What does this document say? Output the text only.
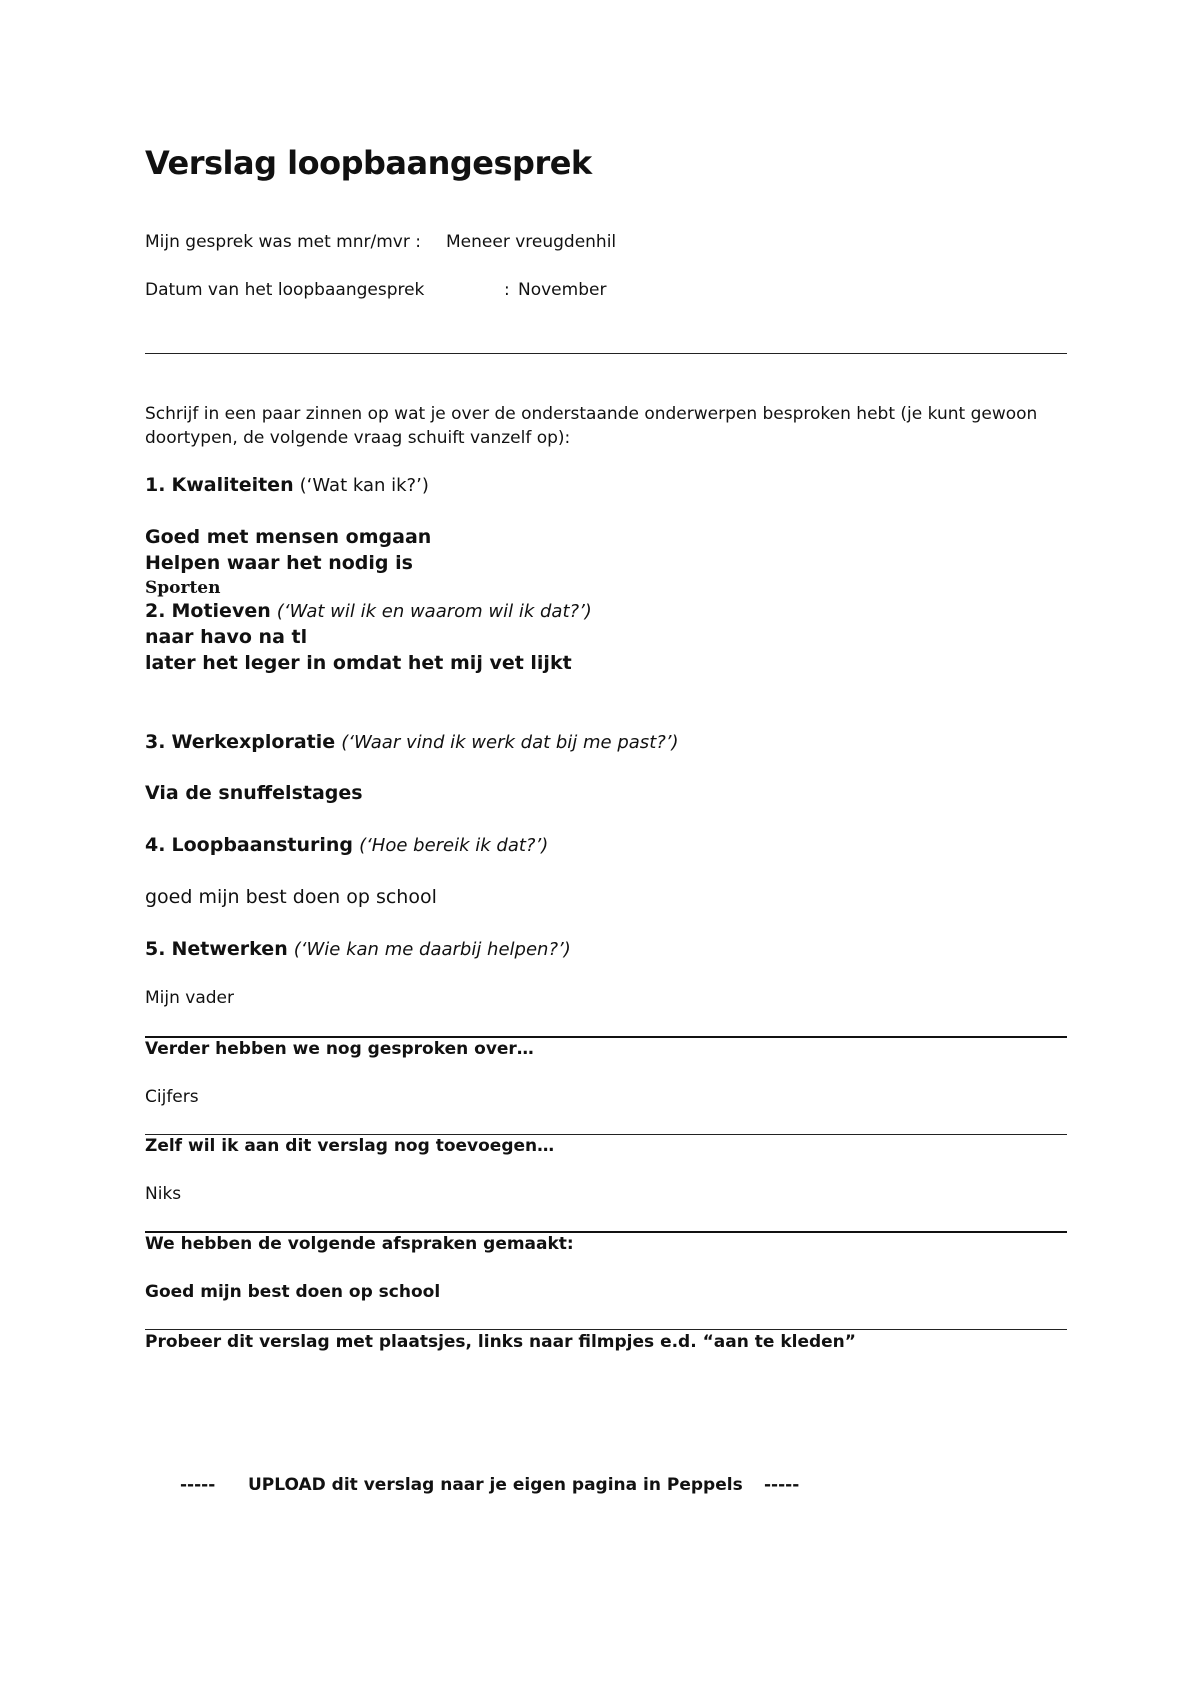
Verslag loopbaangesprek
Mijn gesprek was met mnr/mvr : Meneer vreugdenhil
Datum van het loopbaangesprek	: November
Schrijf in een paar zinnen op wat je over de onderstaande onderwerpen besproken hebt (je kunt gewoon doortypen, de volgende vraag schuift vanzelf op):
1. Kwaliteiten (‘Wat kan ik?’)
Goed met mensen omgaan
Helpen waar het nodig is
Sporten
2. Motieven (‘Wat wil ik en waarom wil ik dat?’)
naar havo na tl
later het leger in omdat het mij vet lijkt
3. Werkexploratie (‘Waar vind ik werk dat bij me past?’)
Via de snuffelstages
4. Loopbaansturing (‘Hoe bereik ik dat?’)
goed mijn best doen op school
5. Netwerken (‘Wie kan me daarbij helpen?’)
Mijn vader
Verder hebben we nog gesproken over…
Cijfers
Zelf wil ik aan dit verslag nog toevoegen…
Niks
We hebben de volgende afspraken gemaakt:
Goed mijn best doen op school
Probeer dit verslag met plaatsjes, links naar filmpjes e.d. “aan te kleden”
----- UPLOAD dit verslag naar je eigen pagina in Peppels -----
